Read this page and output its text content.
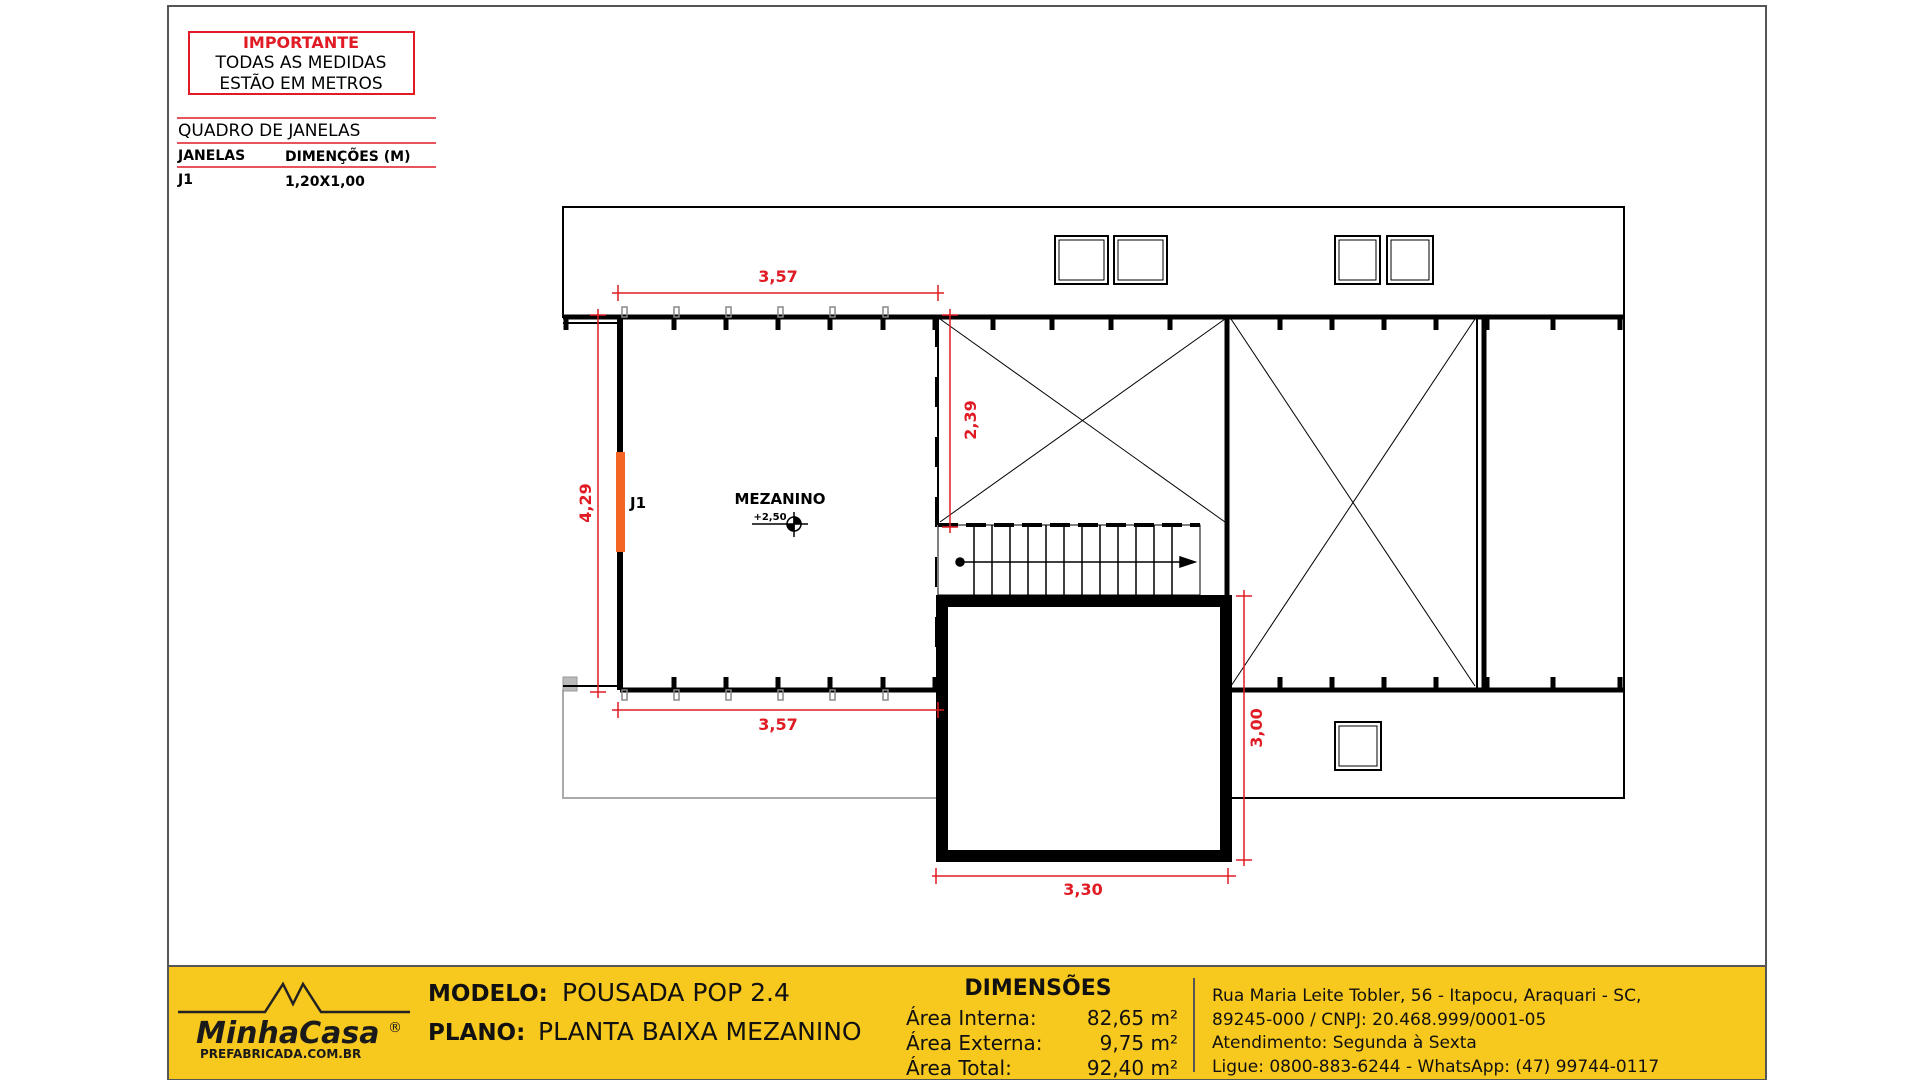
IMPORTANTE
TODAS AS MEDIDAS
ESTÃO EM METROS
QUADRO DE JANELAS
JANELAS	DIMENÇÕES (M)
J1	1,20X1,00
3,57
3,57
3,30
4,29
2,39
3,00
MEZANINO
+2,50
J1
MinhaCasa ®
PREFABRICADA.COM.BR
MODELO: POUSADA POP 2.4
PLANO: PLANTA BAIXA MEZANINO
DIMENSÕES
Área Interna:	82,65 m²
Área Externa:	9,75 m²
Área Total:	92,40 m²
Rua Maria Leite Tobler, 56 - Itapocu, Araquari - SC,
89245-000 / CNPJ: 20.468.999/0001-05
Atendimento: Segunda à Sexta
Ligue: 0800-883-6244 - WhatsApp: (47) 99744-0117
